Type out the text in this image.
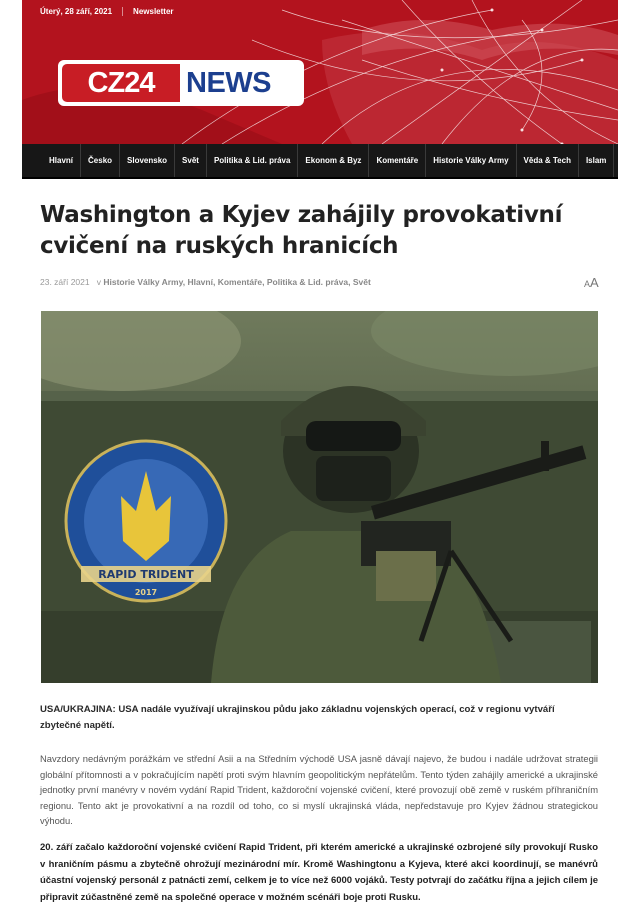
Úterý, 28 září, 2021	Newsletter
CZ24	NEWS
Hlavní	Česko	Slovensko	Svět	Politika & Lid. práva	Ekonom & Byz	Komentáře	Historie Války Army	Věda & Tech	Islam
Washington a Kyjev zahájily provokativní cvičení na ruských hranicích
23. září 2021 v Historie Války Army, Hlavní, Komentáře, Politika & Lid. práva, Svět	AA
RAPID TRIDENT
2017

USA/UKRAJINA: USA nadále využívají ukrajinskou půdu jako základnu vojenských operací, což v regionu vytváří zbytečné napětí.

Navzdory nedávným porážkám ve střední Asii a na Středním východě USA jasně dávají najevo, že budou i nadále udržovat strategii globální přítomnosti a v pokračujícím napětí proti svým hlavním geopolitickým nepřátelům. Tento týden zahájily americké a ukrajinské jednotky první manévry v novém vydání Rapid Trident, každoroční vojenské cvičení, které provozují obě země v ruském příhraničním regionu. Tento akt je provokativní a na rozdíl od toho, co si myslí ukrajinská vláda, nepředstavuje pro Kyjev žádnou strategickou výhodu.

20. září začalo každoroční vojenské cvičení Rapid Trident, při kterém americké a ukrajinské ozbrojené síly provokují Rusko v hraničním pásmu a zbytečně ohrožují mezinárodní mír. Kromě Washingtonu a Kyjeva, které akci koordinují, se manévrů účastní vojenský personál z patnácti zemí, celkem je to více než 6000 vojáků. Testy potvrají do začátku října a jejich cílem je připravit zúčastněné země na společné operace v možném scénáři boje proti Rusku.
